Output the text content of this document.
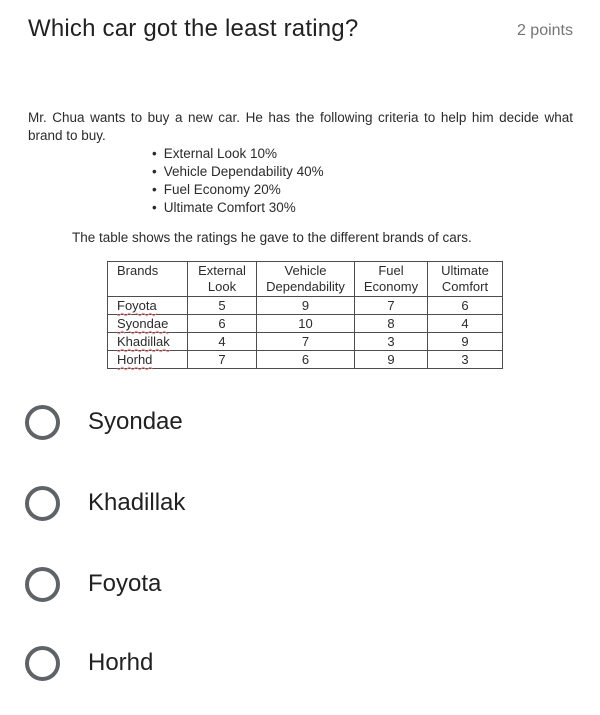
Which car got the least rating?	2 points

Mr. Chua wants to buy a new car. He has the following criteria to help him decide what brand to buy.

• External Look 10%
• Vehicle Dependability 40%
• Fuel Economy 20%
• Ultimate Comfort 30%

The table shows the ratings he gave to the different brands of cars.

Brands	External Look	Vehicle Dependability	Fuel Economy	Ultimate Comfort
Foyota	5	9	7	6
Syondae	6	10	8	4
Khadillak	4	7	3	9
Horhd	7	6	9	3
Syondae
Khadillak
Foyota
Horhd
